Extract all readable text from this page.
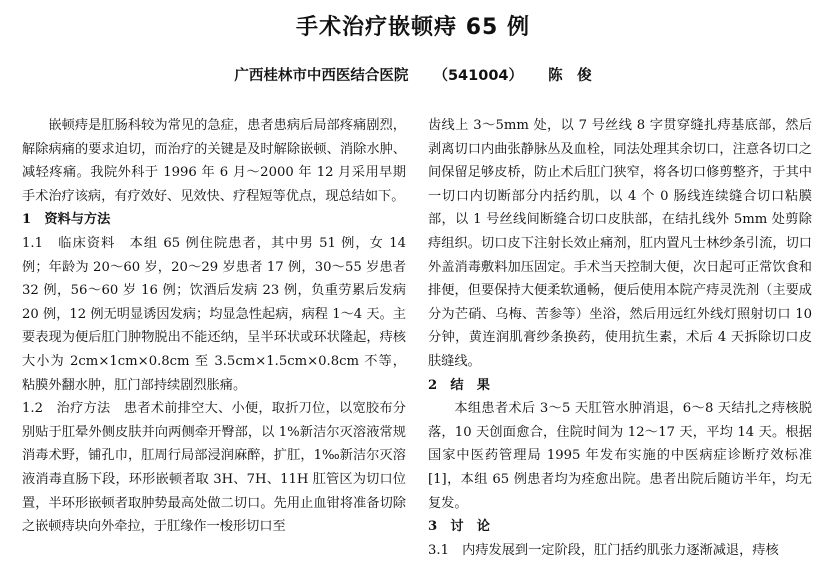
手术治疗嵌顿痔 65 例
广西桂林市中西医结合医院 （541004） 陈　俊

嵌顿痔是肛肠科较为常见的急症，患者患病后局部疼痛剧烈，解除病痛的要求迫切，而治疗的关键是及时解除嵌顿、消除水肿、减轻疼痛。我院外科于 1996 年 6 月～2000 年 12 月采用早期手术治疗该病，有疗效好、见效快、疗程短等优点，现总结如下。

1　资料与方法

1.1　临床资料　本组 65 例住院患者，其中男 51 例，女 14 例；年龄为 20～60 岁，20～29 岁患者 17 例，30～55 岁患者 32 例，56～60 岁 16 例；饮酒后发病 23 例，负重劳累后发病 20 例，12 例无明显诱因发病；均显急性起病，病程 1～4 天。主要表现为便后肛门肿物脱出不能还纳，呈半环状或环状隆起，痔核大小为 2cm×1cm×0.8cm 至 3.5cm×1.5cm×0.8cm 不等，粘膜外翻水肿，肛门部持续剧烈胀痛。

1.2　治疗方法　患者术前排空大、小便，取折刀位，以宽胶布分别贴于肛晕外侧皮肤并向两侧牵开臀部，以 1%新洁尔灭溶液常规消毒术野，铺孔巾，肛周行局部浸润麻醉，扩肛，1‰新洁尔灭溶液消毒直肠下段，环形嵌顿者取 3H、7H、11H 肛管区为切口位置，半环形嵌顿者取肿势最高处做二切口。先用止血钳将准备切除之嵌顿痔块向外牵拉，于肛缘作一梭形切口至

齿线上 3～5mm 处，以 7 号丝线 8 字贯穿缝扎痔基底部，然后剥离切口内曲张静脉丛及血栓，同法处理其余切口，注意各切口之间保留足够皮桥，防止术后肛门狭窄，将各切口修剪整齐，于其中一切口内切断部分内括约肌，以 4 个 0 肠线连续缝合切口粘膜部，以 1 号丝线间断缝合切口皮肤部，在结扎线外 5mm 处剪除痔组织。切口皮下注射长效止痛剂，肛内置凡士林纱条引流，切口外盖消毒敷料加压固定。手术当天控制大便，次日起可正常饮食和排便，但要保持大便柔软通畅，便后使用本院产痔灵洗剂（主要成分为芒硝、乌梅、苦参等）坐浴，然后用远红外线灯照射切口 10 分钟，黄连润肌膏纱条换药，使用抗生素，术后 4 天拆除切口皮肤缝线。

2　结　果

本组患者术后 3～5 天肛管水肿消退，6～8 天结扎之痔核脱落，10 天创面愈合，住院时间为 12～17 天，平均 14 天。根据国家中医药管理局 1995 年发布实施的中医病症诊断疗效标准[1]，本组 65 例患者均为痊愈出院。患者出院后随访半年，均无复发。

3　讨　论

3.1　内痔发展到一定阶段，肛门括约肌张力逐渐减退，痔核
